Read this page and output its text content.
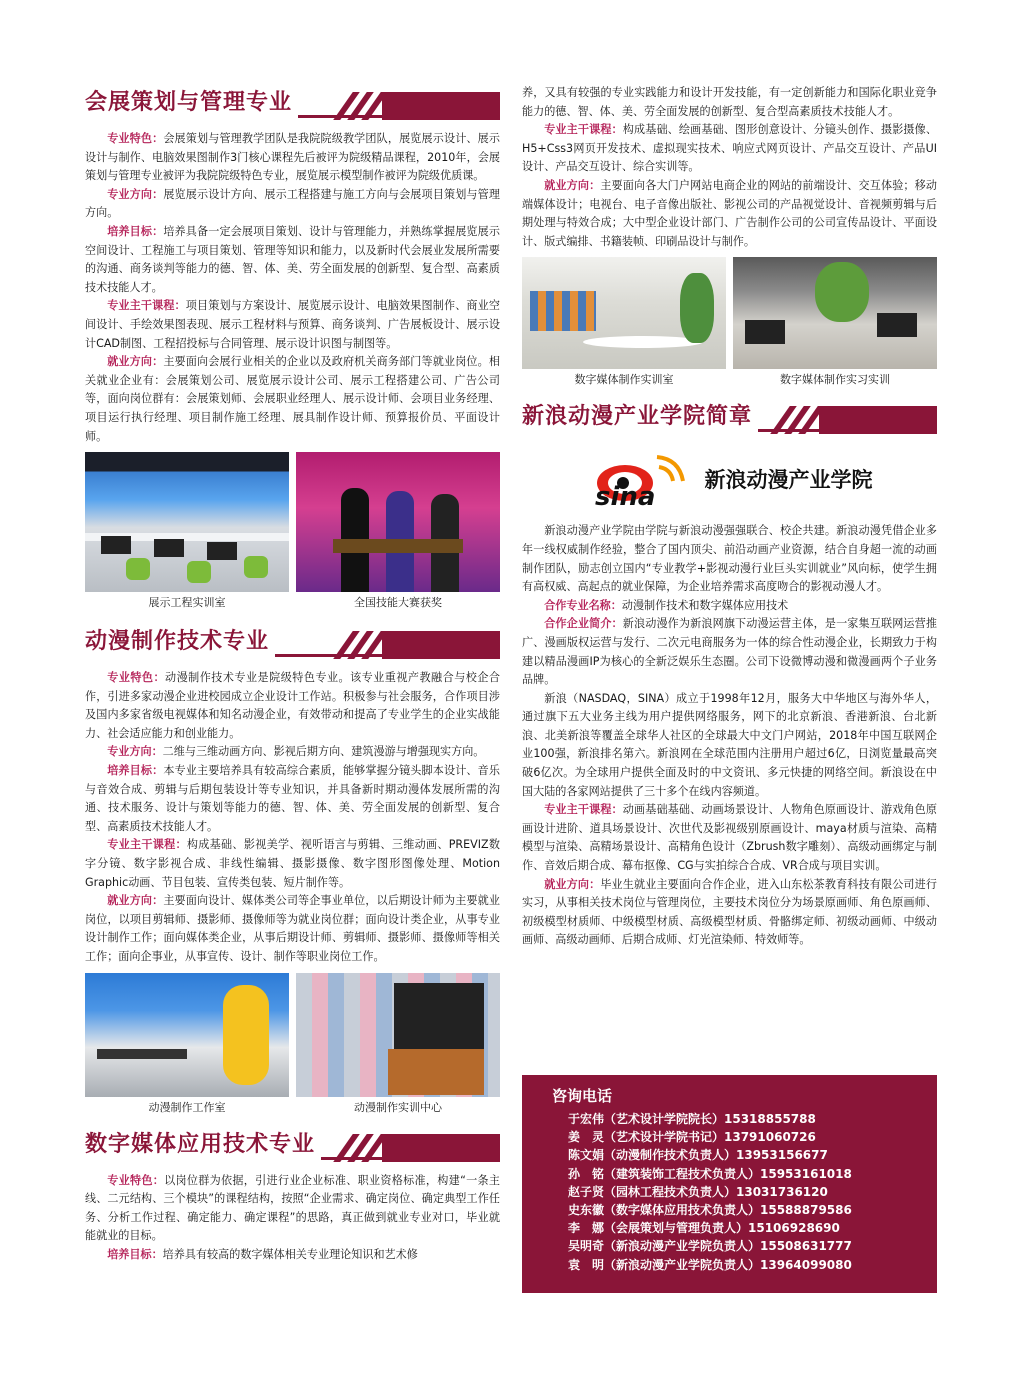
会展策划与管理专业

专业特色：会展策划与管理教学团队是我院院级教学团队，展览展示设计、展示设计与制作、电脑效果图制作3门核心课程先后被评为院级精品课程，2010年，会展策划与管理专业被评为我院院级特色专业，展览展示模型制作被评为院级优质课。

专业方向：展览展示设计方向、展示工程搭建与施工方向与会展项目策划与管理方向。

培养目标：培养具备一定会展项目策划、设计与管理能力，并熟练掌握展览展示空间设计、工程施工与项目策划、管理等知识和能力，以及新时代会展业发展所需要的沟通、商务谈判等能力的德、智、体、美、劳全面发展的创新型、复合型、高素质技术技能人才。

专业主干课程：项目策划与方案设计、展览展示设计、电脑效果图制作、商业空间设计、手绘效果图表现、展示工程材料与预算、商务谈判、广告展板设计、展示设计CAD制图、工程招投标与合同管理、展示设计识图与制图等。

就业方向：主要面向会展行业相关的企业以及政府机关商务部门等就业岗位。相关就业企业有：会展策划公司、展览展示设计公司、展示工程搭建公司、广告公司等，面向岗位群有：会展策划师、会展职业经理人、展示设计师、会项目业务经理、项目运行执行经理、项目制作施工经理、展具制作设计师、预算报价员、平面设计师。

展示工程实训室	全国技能大赛获奖
动漫制作技术专业

专业特色：动漫制作技术专业是院级特色专业。该专业重视产教融合与校企合作，引进多家动漫企业进校园成立企业设计工作站。积极参与社会服务，合作项目涉及国内多家省级电视媒体和知名动漫企业，有效带动和提高了专业学生的企业实战能力、社会适应能力和创业能力。

专业方向：二维与三维动画方向、影视后期方向、建筑漫游与增强现实方向。

培养目标：本专业主要培养具有较高综合素质，能够掌握分镜头脚本设计、音乐与音效合成、剪辑与后期包装设计等专业知识，并具备新时期动漫体发展所需的沟通、技术服务、设计与策划等能力的德、智、体、美、劳全面发展的创新型、复合型、高素质技术技能人才。

专业主干课程：构成基础、影视美学、视听语言与剪辑、三维动画、PREVIZ数字分镜、数字影视合成、非线性编辑、摄影摄像、数字图形图像处理、Motion Graphic动画、节目包装、宣传类包装、短片制作等。

就业方向：主要面向设计、媒体类公司等企事业单位，以后期设计师为主要就业岗位，以项目剪辑师、摄影师、摄像师等为就业岗位群；面向设计类企业，从事专业设计制作工作；面向媒体类企业，从事后期设计师、剪辑师、摄影师、摄像师等相关工作；面向企事业，从事宣传、设计、制作等职业岗位工作。

动漫制作工作室	动漫制作实训中心
数字媒体应用技术专业

专业特色：以岗位群为依据，引进行业企业标准、职业资格标准，构建“一条主线、二元结构、三个模块”的课程结构，按照“企业需求、确定岗位、确定典型工作任务、分析工作过程、确定能力、确定课程”的思路，真正做到就业专业对口，毕业就能就业的目标。

培养目标：培养具有较高的数字媒体相关专业理论知识和艺术修

养，又具有较强的专业实践能力和设计开发技能，有一定创新能力和国际化职业竞争能力的德、智、体、美、劳全面发展的创新型、复合型高素质技术技能人才。

专业主干课程：构成基础、绘画基础、图形创意设计、分镜头创作、摄影摄像、H5+Css3网页开发技术、虚拟现实技术、响应式网页设计、产品交互设计、产品UI设计、产品交互设计、综合实训等。

就业方向：主要面向各大门户网站电商企业的网站的前端设计、交互体验；移动端媒体设计；电视台、电子音像出版社、影视公司的产品视觉设计、音视频剪辑与后期处理与特效合成；大中型企业设计部门、广告制作公司的公司宣传品设计、平面设计、版式编排、书籍装帧、印刷品设计与制作。

数字媒体制作实训室	数字媒体制作实习实训
新浪动漫产业学院简章
sina
新浪动漫产业学院

新浪动漫产业学院由学院与新浪动漫强强联合、校企共建。新浪动漫凭借企业多年一线权威制作经验，整合了国内顶尖、前沿动画产业资源，结合自身超一流的动画制作团队，励志创立国内“专业教学+影视动漫行业巨头实训就业”风向标，使学生拥有高权威、高起点的就业保障，为企业培养需求高度吻合的影视动漫人才。

合作专业名称：动漫制作技术和数字媒体应用技术

合作企业简介：新浪动漫作为新浪网旗下动漫运营主体，是一家集互联网运营推广、漫画版权运营与发行、二次元电商服务为一体的综合性动漫企业，长期致力于构建以精品漫画IP为核心的全新泛娱乐生态圈。公司下设微博动漫和微漫画两个子业务品牌。

新浪（NASDAQ，SINA）成立于1998年12月，服务大中华地区与海外华人，通过旗下五大业务主线为用户提供网络服务，网下的北京新浪、香港新浪、台北新浪、北美新浪等覆盖全球华人社区的全球最大中文门户网站，2018年中国互联网企业100强，新浪排名第六。新浪网在全球范围内注册用户超过6亿，日浏览量最高突破6亿次。为全球用户提供全面及时的中文资讯、多元快捷的网络空间。新浪设在中国大陆的各家网站提供了三十多个在线内容频道。

专业主干课程：动画基础基础、动画场景设计、人物角色原画设计、游戏角色原画设计进阶、道具场景设计、次世代及影视级别原画设计、maya材质与渲染、高精模型与渲染、高精场景设计、高精角色设计（Zbrush数字雕刻）、高级动画绑定与制作、音效后期合成、幕布抠像、CG与实拍综合合成、VR合成与项目实训。

就业方向：毕业生就业主要面向合作企业，进入山东松茶教育科技有限公司进行实习，从事相关技术岗位与管理岗位，主要技术岗位分为场景原画师、角色原画师、初级模型材质师、中级模型材质、高级模型材质、骨骼绑定师、初级动画师、中级动画师、高级动画师、后期合成师、灯光渲染师、特效师等。

咨询电话
于宏伟（艺术设计学院院长）15318855788
姜　灵（艺术设计学院书记）13791060726
陈文娟（动漫制作技术负责人）13953156677
孙　铭（建筑装饰工程技术负责人）15953161018
赵子贤（园林工程技术负责人）13031736120
史东徽（数字媒体应用技术负责人）15588879586
李　娜（会展策划与管理负责人）15106928690
吴明奇（新浪动漫产业学院负责人）15508631777
袁　明（新浪动漫产业学院负责人）13964099080
